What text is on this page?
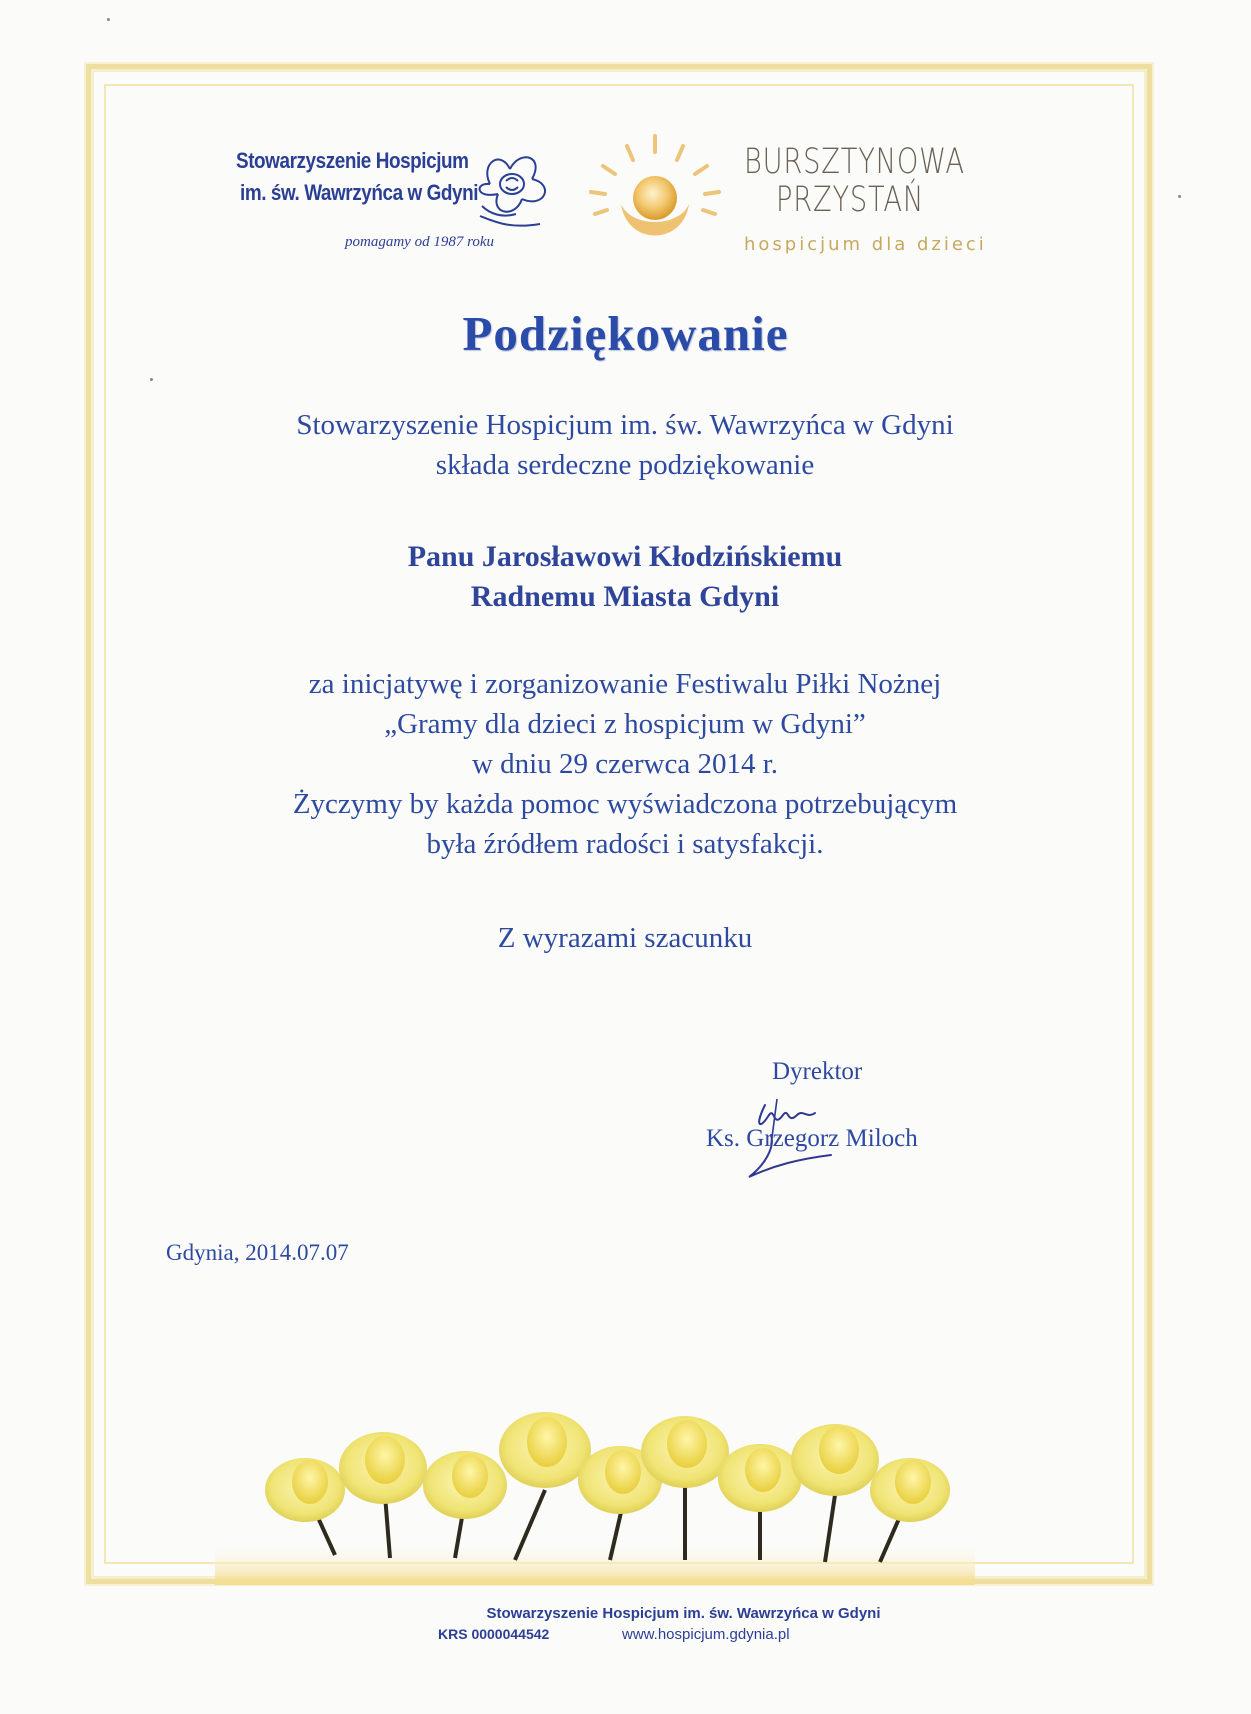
Stowarzyszenie Hospicjum
im. św. Wawrzyńca w Gdyni
pomagamy od 1987 roku
BURSZTYNOWA
PRZYSTAŃ
hospicjum dla dzieci
Podziękowanie
Stowarzyszenie Hospicjum im. św. Wawrzyńca w Gdyni
składa serdeczne podziękowanie
Panu Jarosławowi Kłodzińskiemu
Radnemu Miasta Gdyni
za inicjatywę i zorganizowanie Festiwalu Piłki Nożnej
„Gramy dla dzieci z hospicjum w Gdyni”
w dniu 29 czerwca 2014 r.
Życzymy by każda pomoc wyświadczona potrzebującym
była źródłem radości i satysfakcji.
Z wyrazami szacunku
Dyrektor
Ks. Grzegorz Miloch
Gdynia, 2014.07.07
Stowarzyszenie Hospicjum im. św. Wawrzyńca w Gdyni
KRS 0000044542	www.hospicjum.gdynia.pl
